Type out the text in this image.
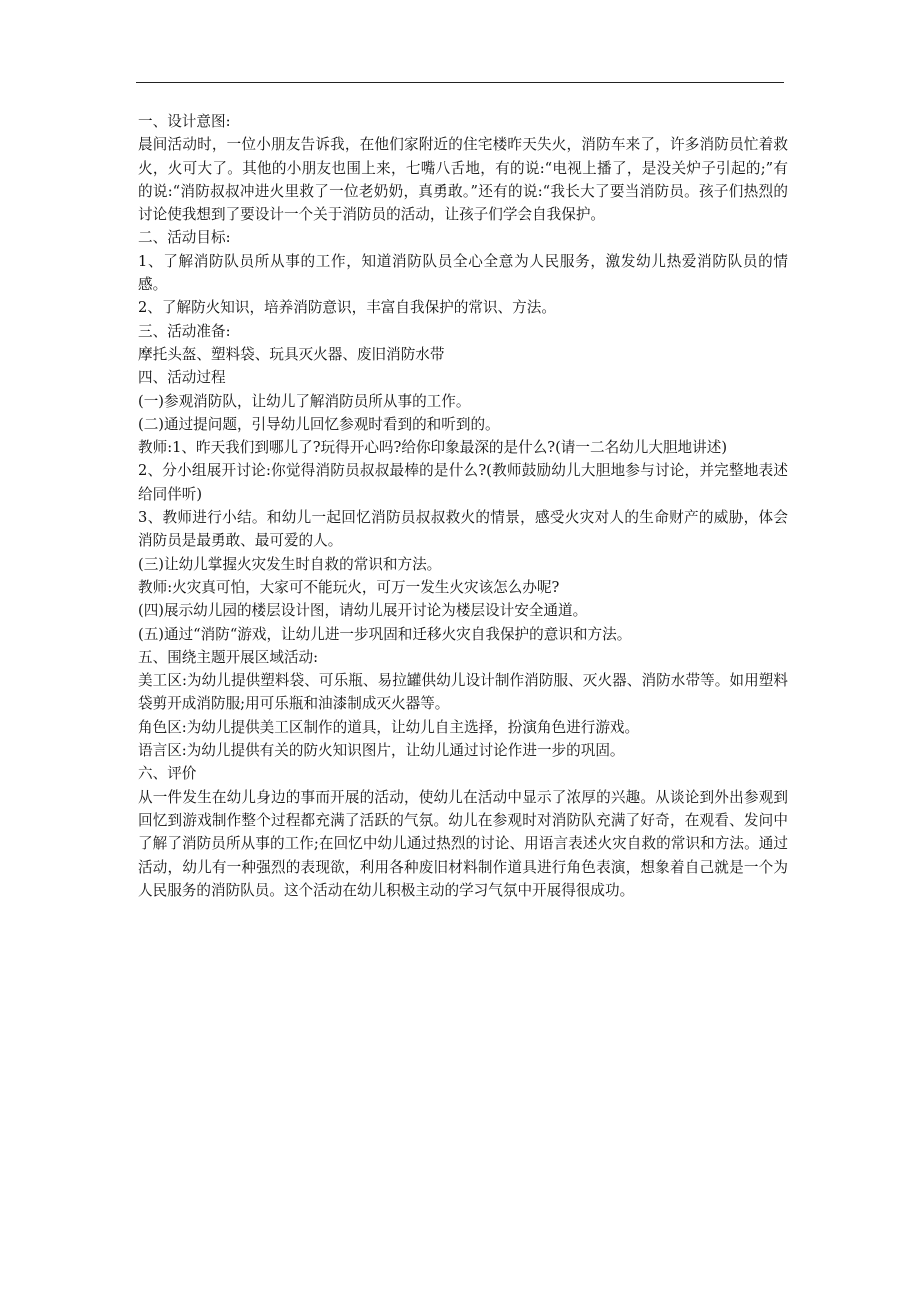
一、设计意图:

晨间活动时，一位小朋友告诉我，在他们家附近的住宅楼昨天失火，消防车来了，许多消防员忙着救火，火可大了。其他的小朋友也围上来，七嘴八舌地，有的说:“电视上播了，是没关炉子引起的;”有的说:“消防叔叔冲进火里救了一位老奶奶，真勇敢。”还有的说:“我长大了要当消防员。孩子们热烈的讨论使我想到了要设计一个关于消防员的活动，让孩子们学会自我保护。

二、活动目标:

1、了解消防队员所从事的工作，知道消防队员全心全意为人民服务，激发幼儿热爱消防队员的情感。

2、了解防火知识，培养消防意识，丰富自我保护的常识、方法。

三、活动准备:

摩托头盔、塑料袋、玩具灭火器、废旧消防水带

四、活动过程

(一)参观消防队，让幼儿了解消防员所从事的工作。

(二)通过提问题，引导幼儿回忆参观时看到的和听到的。

教师:1、昨天我们到哪儿了?玩得开心吗?给你印象最深的是什么?(请一二名幼儿大胆地讲述)

2、分小组展开讨论:你觉得消防员叔叔最棒的是什么?(教师鼓励幼儿大胆地参与讨论，并完整地表述给同伴听)

3、教师进行小结。和幼儿一起回忆消防员叔叔救火的情景，感受火灾对人的生命财产的威胁，体会消防员是最勇敢、最可爱的人。

(三)让幼儿掌握火灾发生时自救的常识和方法。

教师:火灾真可怕，大家可不能玩火，可万一发生火灾该怎么办呢?

(四)展示幼儿园的楼层设计图，请幼儿展开讨论为楼层设计安全通道。

(五)通过“消防“游戏，让幼儿进一步巩固和迁移火灾自我保护的意识和方法。

五、围绕主题开展区域活动:

美工区:为幼儿提供塑料袋、可乐瓶、易拉罐供幼儿设计制作消防服、灭火器、消防水带等。如用塑料袋剪开成消防服;用可乐瓶和油漆制成灭火器等。

角色区:为幼儿提供美工区制作的道具，让幼儿自主选择，扮演角色进行游戏。

语言区:为幼儿提供有关的防火知识图片，让幼儿通过讨论作进一步的巩固。

六、评价

从一件发生在幼儿身边的事而开展的活动，使幼儿在活动中显示了浓厚的兴趣。从谈论到外出参观到回忆到游戏制作整个过程都充满了活跃的气氛。幼儿在参观时对消防队充满了好奇，在观看、发问中了解了消防员所从事的工作;在回忆中幼儿通过热烈的讨论、用语言表述火灾自救的常识和方法。通过活动，幼儿有一种强烈的表现欲，利用各种废旧材料制作道具进行角色表演，想象着自己就是一个为人民服务的消防队员。这个活动在幼儿积极主动的学习气氛中开展得很成功。
